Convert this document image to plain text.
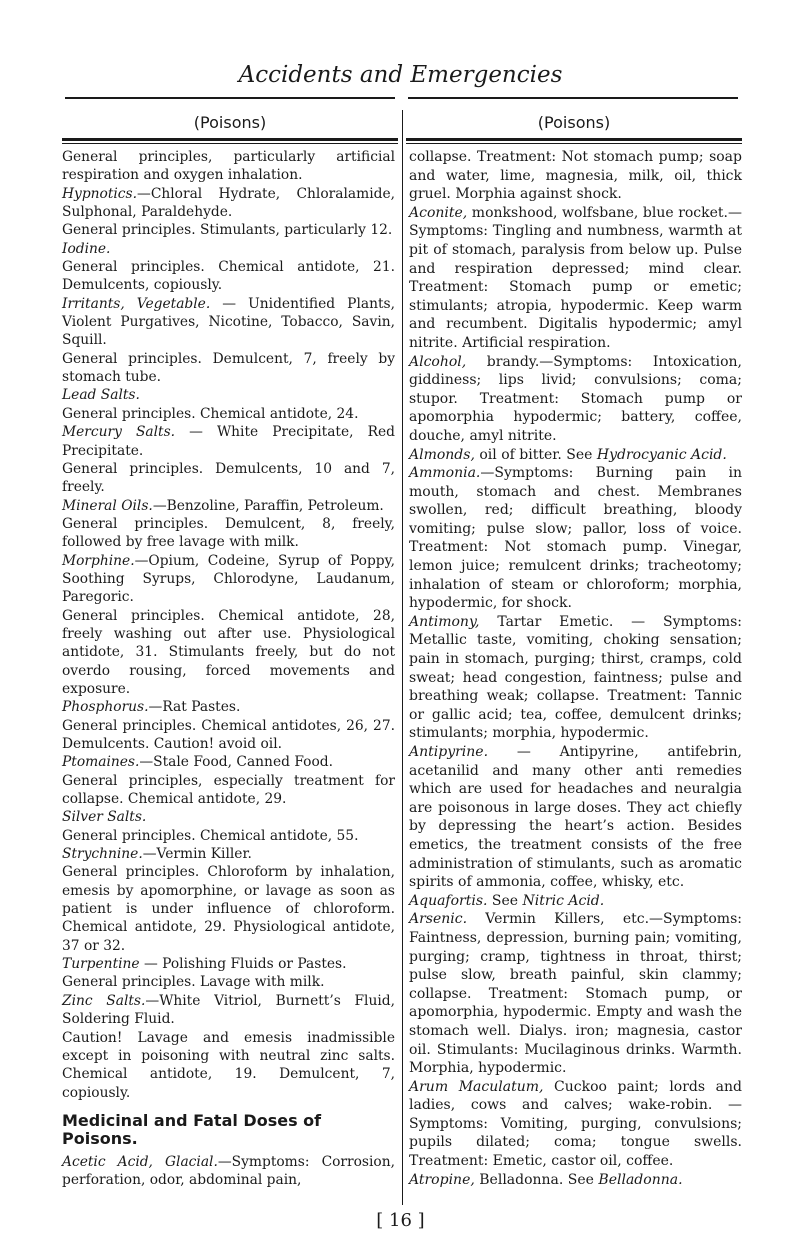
Accidents and Emergencies
(Poisons)	(Poisons)

General principles, particularly artificial respiration and oxygen inhalation.

Hypnotics.—Chloral Hydrate, Chloralamide, Sulphonal, Paraldehyde.

General principles. Stimulants, particularly 12.

Iodine.

General principles. Chemical antidote, 21. Demulcents, copiously.

Irritants, Vegetable. — Unidentified Plants, Violent Purgatives, Nicotine, Tobacco, Savin, Squill.

General principles. Demulcent, 7, freely by stomach tube.

Lead Salts.

General principles. Chemical antidote, 24.

Mercury Salts. — White Precipitate, Red Precipitate.

General principles. Demulcents, 10 and 7, freely.

Mineral Oils.—Benzoline, Paraffin, Petroleum.

General principles. Demulcent, 8, freely, followed by free lavage with milk.

Morphine.—Opium, Codeine, Syrup of Poppy, Soothing Syrups, Chlorodyne, Laudanum, Paregoric.

General principles. Chemical antidote, 28, freely washing out after use. Physiological antidote, 31. Stimulants freely, but do not overdo rousing, forced movements and exposure.

Phosphorus.—Rat Pastes.

General principles. Chemical antidotes, 26, 27. Demulcents. Caution! avoid oil.

Ptomaines.—Stale Food, Canned Food.

General principles, especially treatment for collapse. Chemical antidote, 29.

Silver Salts.

General principles. Chemical antidote, 55.

Strychnine.—Vermin Killer.

General principles. Chloroform by inhalation, emesis by apomorphine, or lavage as soon as patient is under influence of chloroform. Chemical antidote, 29. Physiological antidote, 37 or 32.

Turpentine — Polishing Fluids or Pastes.

General principles. Lavage with milk.

Zinc Salts.—White Vitriol, Burnett’s Fluid, Soldering Fluid.

Caution! Lavage and emesis inadmissible except in poisoning with neutral zinc salts. Chemical antidote, 19. Demulcent, 7, copiously.

Medicinal and Fatal Doses of Poisons.

Acetic Acid, Glacial.—Symptoms: Corrosion, perforation, odor, abdominal pain,

collapse. Treatment: Not stomach pump; soap and water, lime, magnesia, milk, oil, thick gruel. Morphia against shock.

Aconite, monkshood, wolfsbane, blue rocket.—Symptoms: Tingling and numbness, warmth at pit of stomach, paralysis from below up. Pulse and respiration depressed; mind clear. Treatment: Stomach pump or emetic; stimulants; atropia, hypodermic. Keep warm and recumbent. Digitalis hypodermic; amyl nitrite. Artificial respiration.

Alcohol, brandy.—Symptoms: Intoxication, giddiness; lips livid; convulsions; coma; stupor. Treatment: Stomach pump or apomorphia hypodermic; battery, coffee, douche, amyl nitrite.

Almonds, oil of bitter. See Hydrocyanic Acid.

Ammonia.—Symptoms: Burning pain in mouth, stomach and chest. Membranes swollen, red; difficult breathing, bloody vomiting; pulse slow; pallor, loss of voice. Treatment: Not stomach pump. Vinegar, lemon juice; remulcent drinks; tracheotomy; inhalation of steam or chloroform; morphia, hypodermic, for shock.

Antimony, Tartar Emetic. — Symptoms: Metallic taste, vomiting, choking sensation; pain in stomach, purging; thirst, cramps, cold sweat; head congestion, faintness; pulse and breathing weak; collapse. Treatment: Tannic or gallic acid; tea, coffee, demulcent drinks; stimulants; morphia, hypodermic.

Antipyrine. — Antipyrine, antifebrin, acetanilid and many other anti remedies which are used for headaches and neuralgia are poisonous in large doses. They act chiefly by depressing the heart’s action. Besides emetics, the treatment consists of the free administration of stimulants, such as aromatic spirits of ammonia, coffee, whisky, etc.

Aquafortis. See Nitric Acid.

Arsenic. Vermin Killers, etc.—Symptoms: Faintness, depression, burning pain; vomiting, purging; cramp, tightness in throat, thirst; pulse slow, breath painful, skin clammy; collapse. Treatment: Stomach pump, or apomorphia, hypodermic. Empty and wash the stomach well. Dialys. iron; magnesia, castor oil. Stimulants: Mucilaginous drinks. Warmth. Morphia, hypodermic.

Arum Maculatum, Cuckoo paint; lords and ladies, cows and calves; wake-robin. —Symptoms: Vomiting, purging, convulsions; pupils dilated; coma; tongue swells. Treatment: Emetic, castor oil, coffee.

Atropine, Belladonna. See Belladonna.

[ 16 ]
